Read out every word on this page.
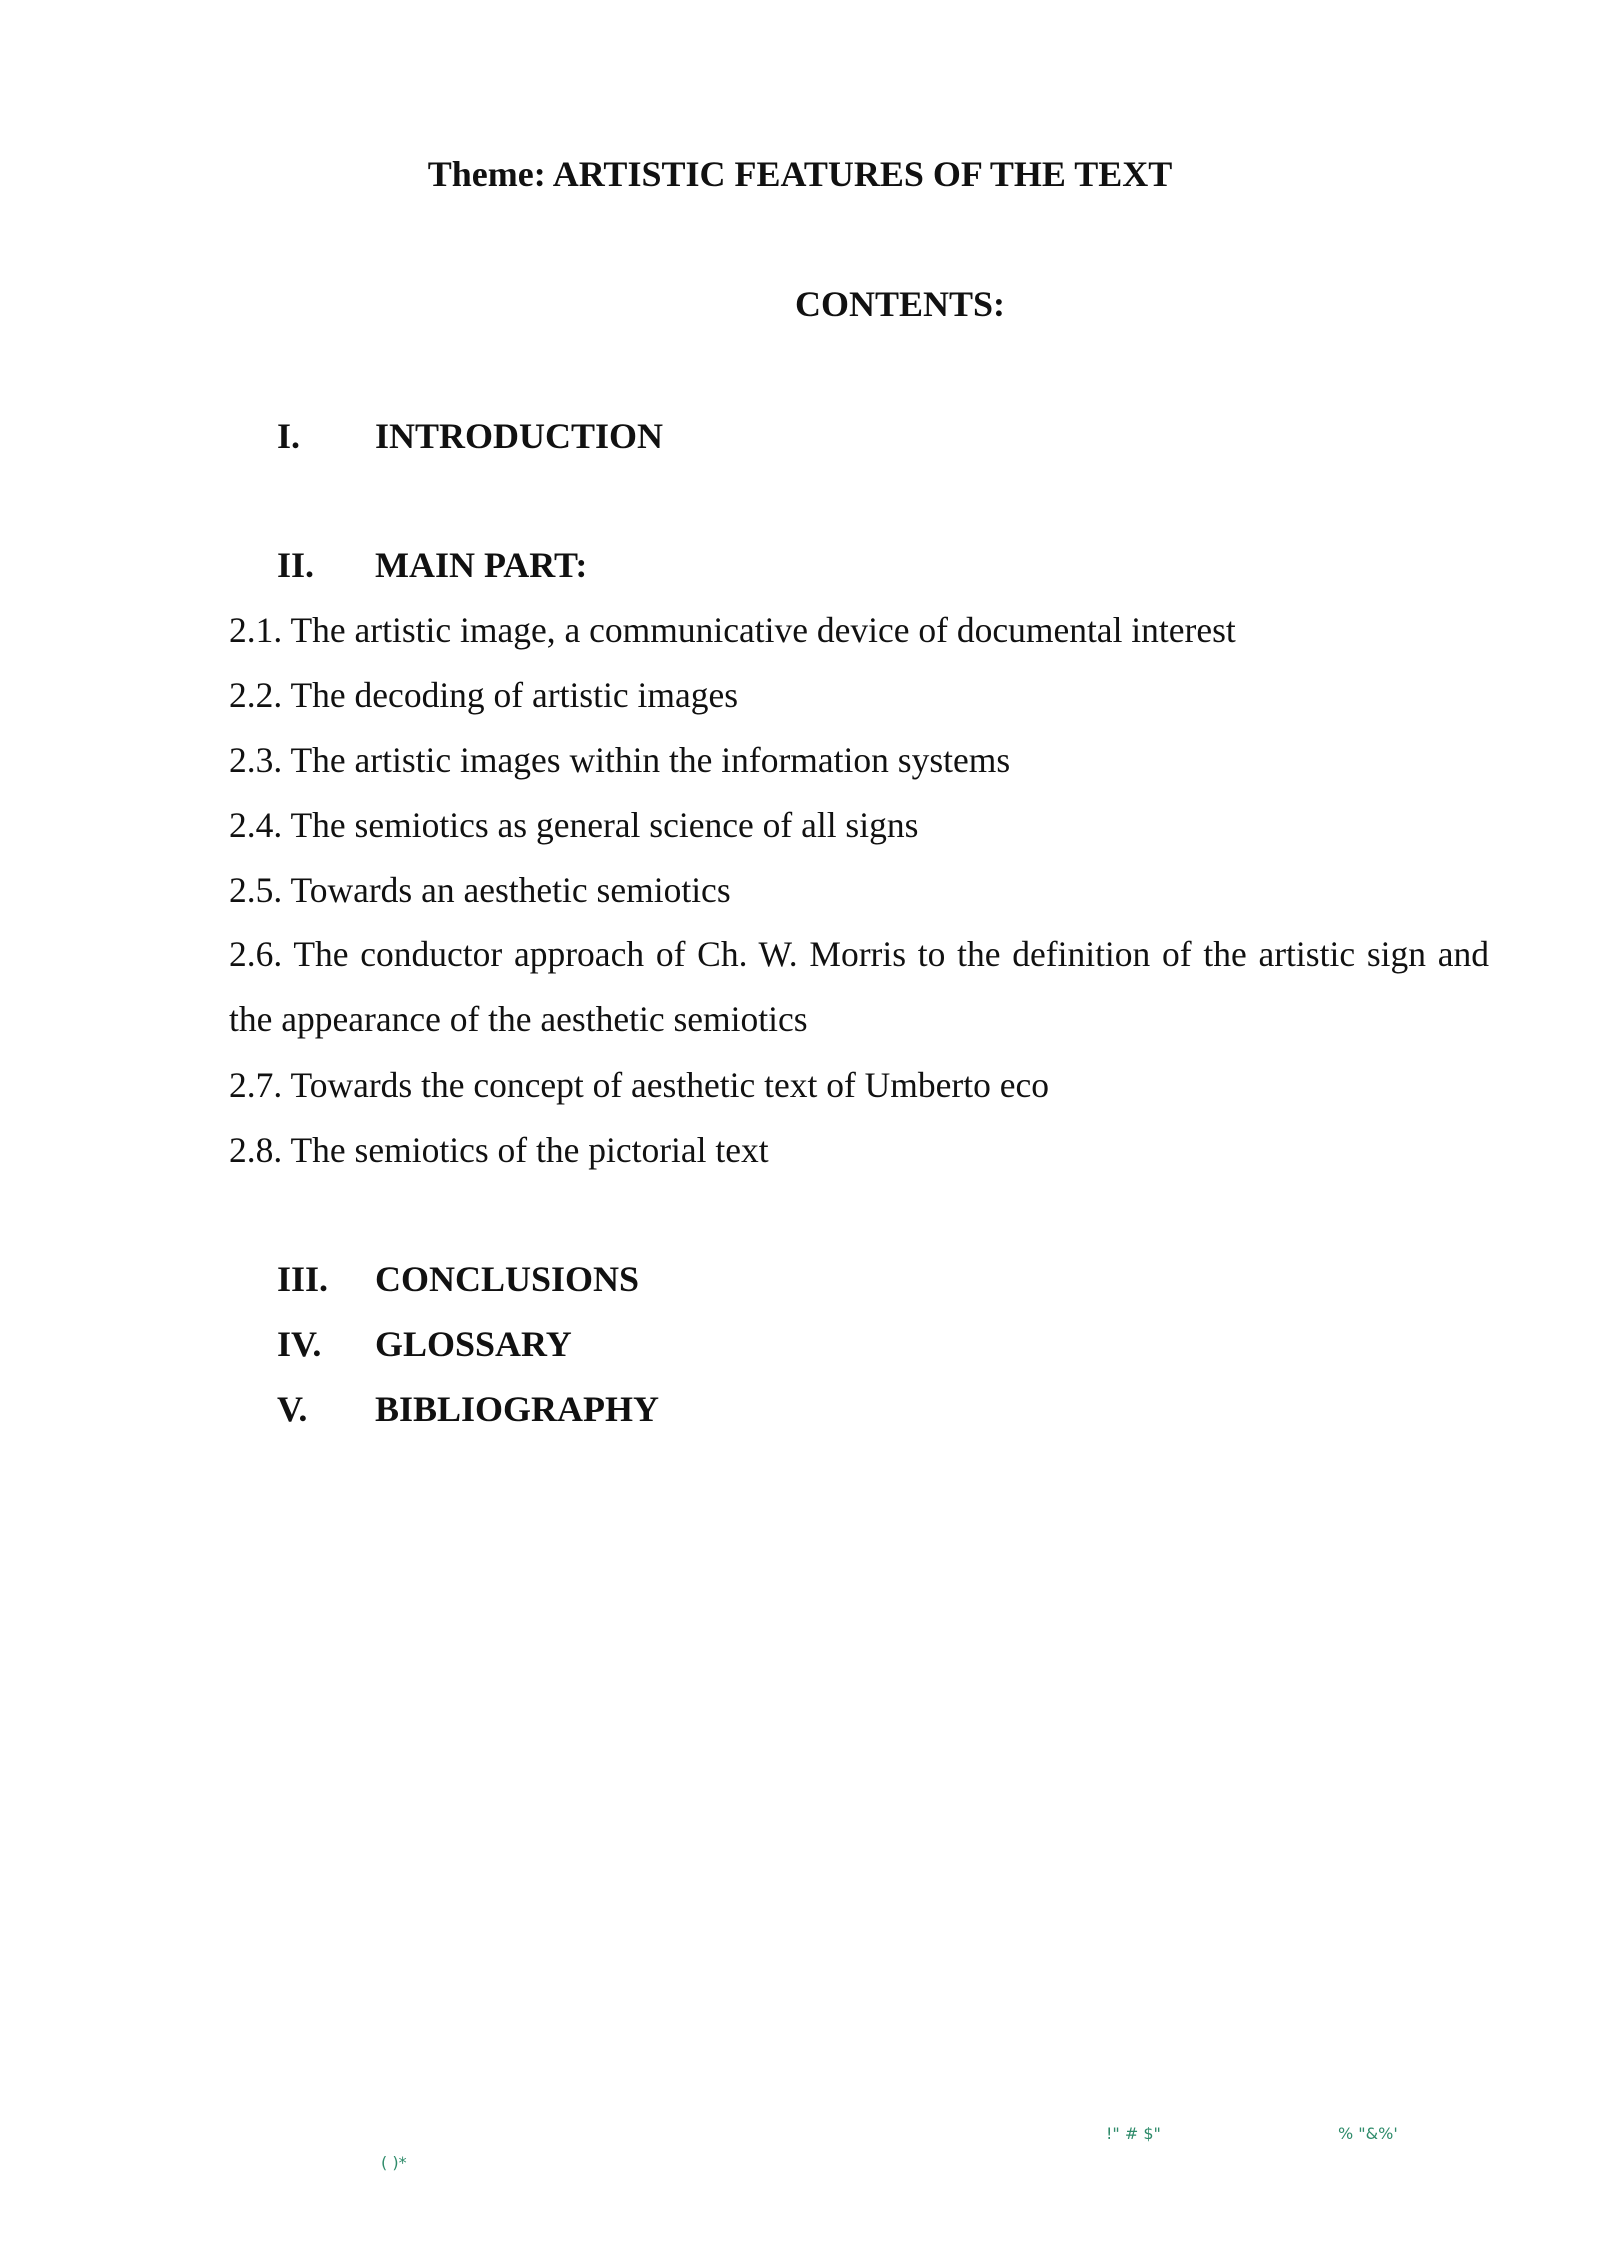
Theme: ARTISTIC FEATURES OF THE TEXT
CONTENTS:
I. INTRODUCTION
II. MAIN PART:
2.1. The artistic image, a communicative device of documental interest
2.2. The decoding of artistic images
2.3. The artistic images within the information systems
2.4. The semiotics as general science of all signs
2.5. Towards an aesthetic semiotics
2.6. The conductor approach of Ch. W. Morris to the definition of the artistic sign and the appearance of the aesthetic semiotics
2.7. Towards the concept of aesthetic text of Umberto eco
2.8. The semiotics of the pictorial text
III. CONCLUSIONS
IV. GLOSSARY
V. BIBLIOGRAPHY
!" # $"	% "&%'
( )*
